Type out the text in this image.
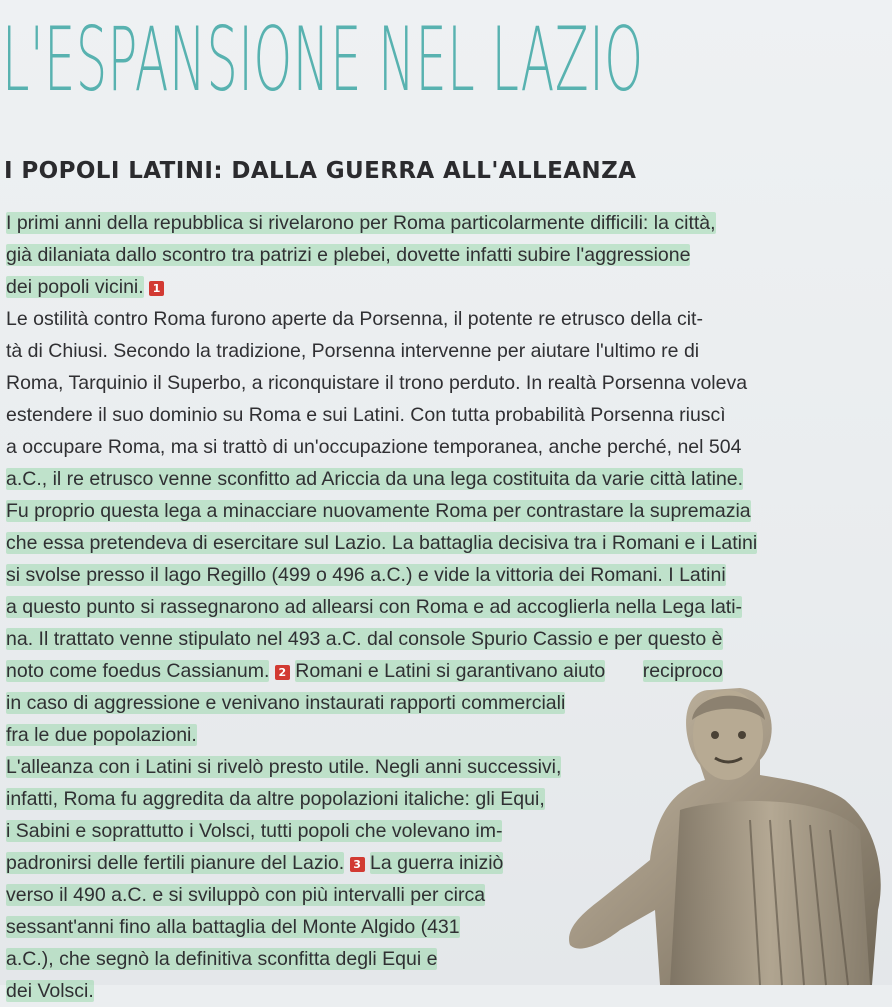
L'ESPANSIONE NEL LAZIO
I POPOLI LATINI: DALLA GUERRA ALL'ALLEANZA
I primi anni della repubblica si rivelarono per Roma particolarmente difficili: la città,
già dilaniata dallo scontro tra patrizi e plebei, dovette infatti subire l'aggressione
dei popoli vicini. 1
Le ostilità contro Roma furono aperte da Porsenna, il potente re etrusco della cit-
tà di Chiusi. Secondo la tradizione, Porsenna intervenne per aiutare l'ultimo re di
Roma, Tarquinio il Superbo, a riconquistare il trono perduto. In realtà Porsenna voleva
estendere il suo dominio su Roma e sui Latini. Con tutta probabilità Porsenna riuscì
a occupare Roma, ma si trattò di un'occupazione temporanea, anche perché, nel 504
a.C., il re etrusco venne sconfitto ad Ariccia da una lega costituita da varie città latine.
Fu proprio questa lega a minacciare nuovamente Roma per contrastare la supremazia
che essa pretendeva di esercitare sul Lazio. La battaglia decisiva tra i Romani e i Latini
si svolse presso il lago Regillo (499 o 496 a.C.) e vide la vittoria dei Romani. I Latini
a questo punto si rassegnarono ad allearsi con Roma e ad accoglierla nella Lega lati-
na. Il trattato venne stipulato nel 493 a.C. dal console Spurio Cassio e per questo è
noto come foedus Cassianum. 2 Romani e Latini si garantivano aiuto reciproco
in caso di aggressione e venivano instaurati rapporti commerciali
fra le due popolazioni.
L'alleanza con i Latini si rivelò presto utile. Negli anni successivi,
infatti, Roma fu aggredita da altre popolazioni italiche: gli Equi,
i Sabini e soprattutto i Volsci, tutti popoli che volevano im-
padronirsi delle fertili pianure del Lazio. 3 La guerra iniziò
verso il 490 a.C. e si sviluppò con più intervalli per circa
sessant'anni fino alla battaglia del Monte Algido (431
a.C.), che segnò la definitiva sconfitta degli Equi e
dei Volsci.
